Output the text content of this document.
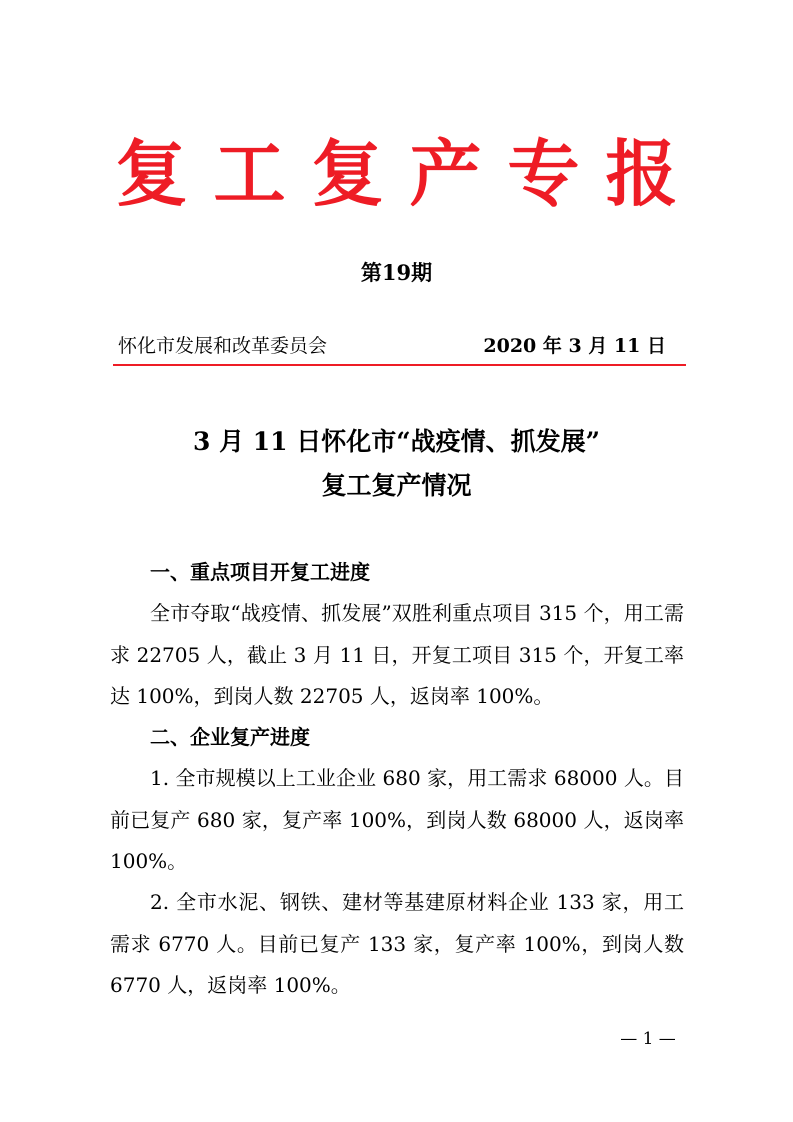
复工复产专报
第19期
怀化市发展和改革委员会	2020 年 3 月 11 日
3 月 11 日怀化市“战疫情、抓发展”
复工复产情况

一、重点项目开复工进度

全市夺取“战疫情、抓发展”双胜利重点项目 315 个，用工需求 22705 人，截止 3 月 11 日，开复工项目 315 个，开复工率达 100%，到岗人数 22705 人，返岗率 100%。

二、企业复产进度

1. 全市规模以上工业企业 680 家，用工需求 68000 人。目前已复产 680 家，复产率 100%，到岗人数 68000 人，返岗率 100%。

2. 全市水泥、钢铁、建材等基建原材料企业 133 家，用工需求 6770 人。目前已复产 133 家，复产率 100%，到岗人数 6770 人，返岗率 100%。

— 1 —
